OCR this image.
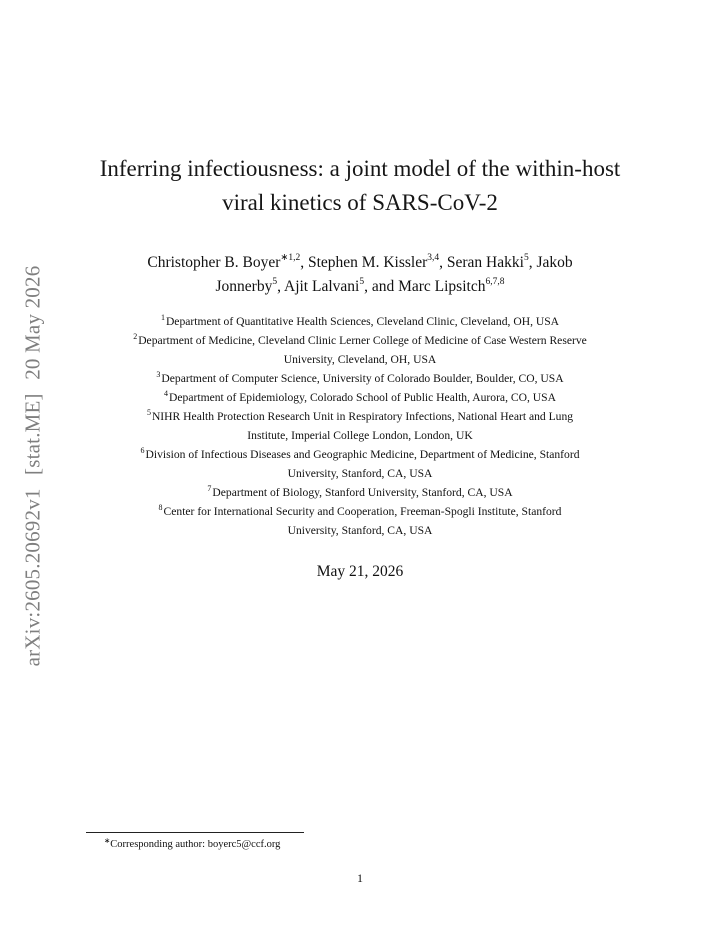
arXiv:2605.20692v1 [stat.ME] 20 May 2026
Inferring infectiousness: a joint model of the within-host
viral kinetics of SARS-CoV-2
Christopher B. Boyer$^{∗1,2}$, Stephen M. Kissler$^{3,4}$, Seran Hakki$^5$, Jakob
Jonnerby$^5$, Ajit Lalvani$^5$, and Marc Lipsitch$^{6,7,8}$
$^1$Department of Quantitative Health Sciences, Cleveland Clinic, Cleveland, OH, USA
$^2$Department of Medicine, Cleveland Clinic Lerner College of Medicine of Case Western Reserve
University, Cleveland, OH, USA
$^3$Department of Computer Science, University of Colorado Boulder, Boulder, CO, USA
$^4$Department of Epidemiology, Colorado School of Public Health, Aurora, CO, USA
$^5$NIHR Health Protection Research Unit in Respiratory Infections, National Heart and Lung
Institute, Imperial College London, London, UK
$^6$Division of Infectious Diseases and Geographic Medicine, Department of Medicine, Stanford
University, Stanford, CA, USA
$^7$Department of Biology, Stanford University, Stanford, CA, USA
$^8$Center for International Security and Cooperation, Freeman-Spogli Institute, Stanford
University, Stanford, CA, USA
May 21, 2026
∗Corresponding author: boyerc5@ccf.org
1
